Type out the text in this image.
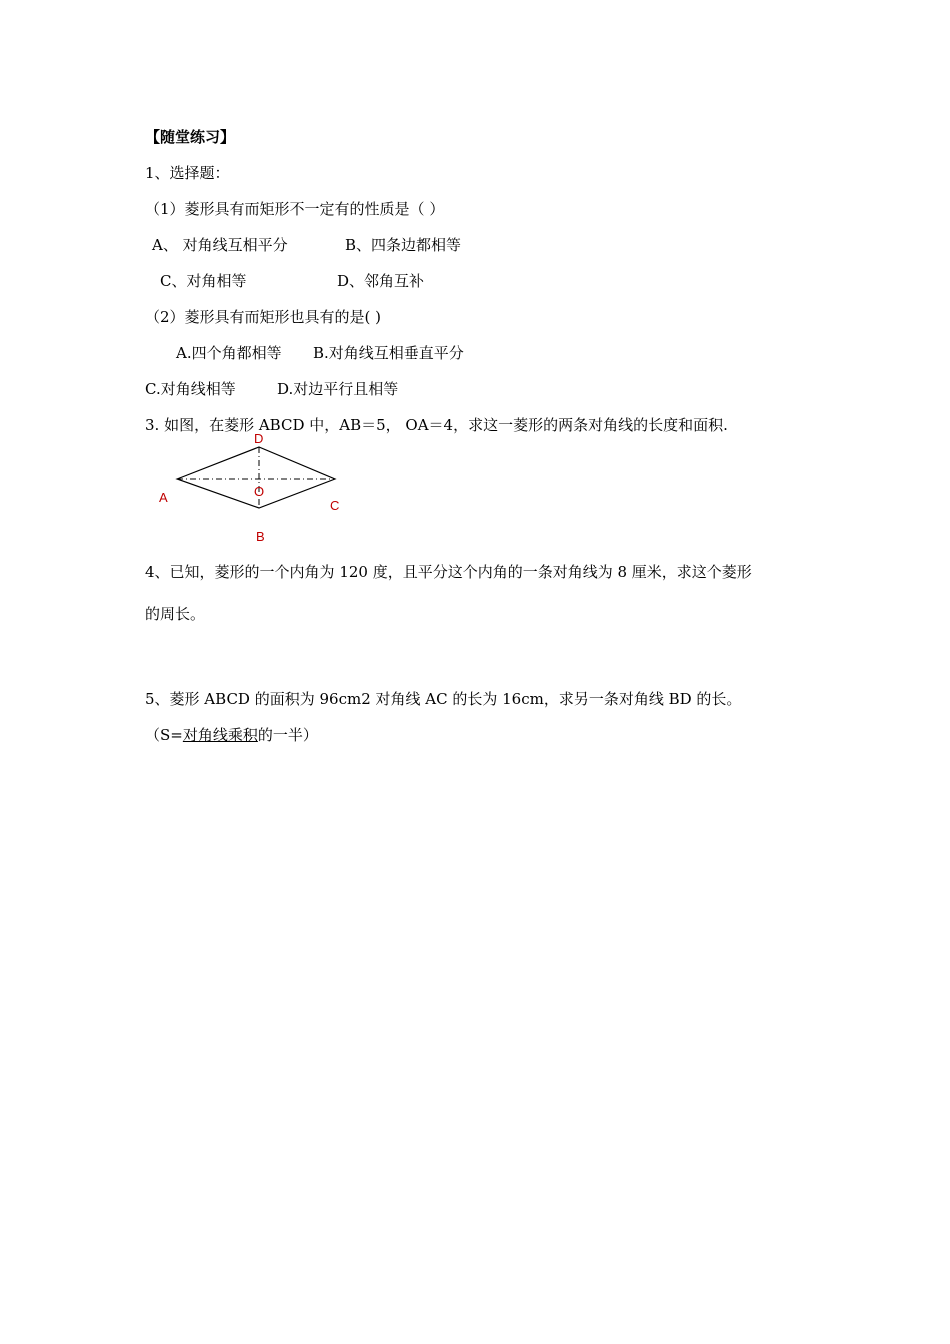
【随堂练习】
1、选择题：
（1）菱形具有而矩形不一定有的性质是（ ）
A、 对角线互相平分	B、四条边都相等
C、对角相等	D、邻角互补
（2）菱形具有而矩形也具有的是( )
A.四个角都相等 B.对角线互相垂直平分
C.对角线相等	D.对边平行且相等
3. 如图，在菱形 ABCD 中，AB＝5， OA＝4，求这一菱形的两条对角线的长度和面积.
D
A	O
C
B
4、已知，菱形的一个内角为 120 度，且平分这个内角的一条对角线为 8 厘米，求这个菱形
的周长。
5、菱形 ABCD 的面积为 96cm2 对角线 AC 的长为 16cm，求另一条对角线 BD 的长。
（S=对角线乘积的一半）
